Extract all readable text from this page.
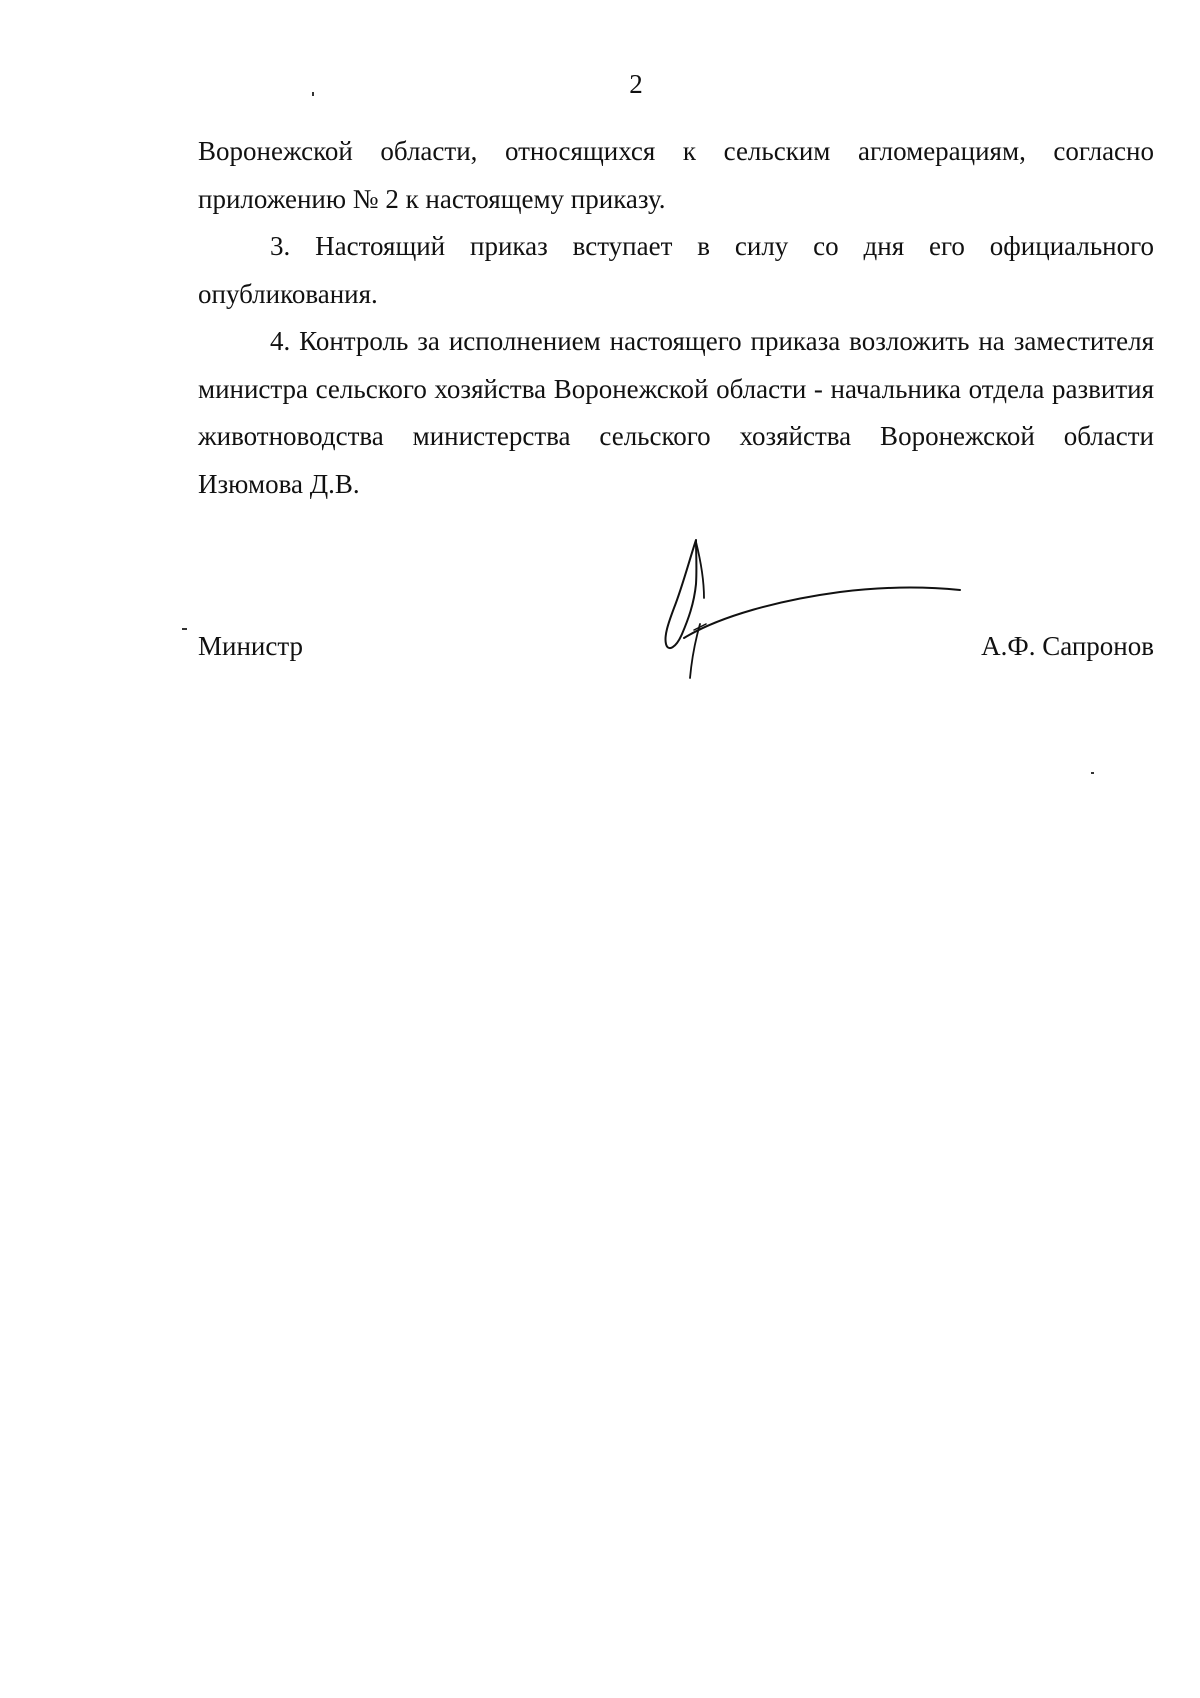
2

Воронежской области, относящихся к сельским агломерациям, согласно приложению № 2 к настоящему приказу.

3. Настоящий приказ вступает в силу со дня его официального опубликования.

4. Контроль за исполнением настоящего приказа возложить на заместителя министра сельского хозяйства Воронежской области - начальника отдела развития животноводства министерства сельского хозяйства Воронежской области Изюмова Д.В.

Министр	А.Ф. Сапронов
